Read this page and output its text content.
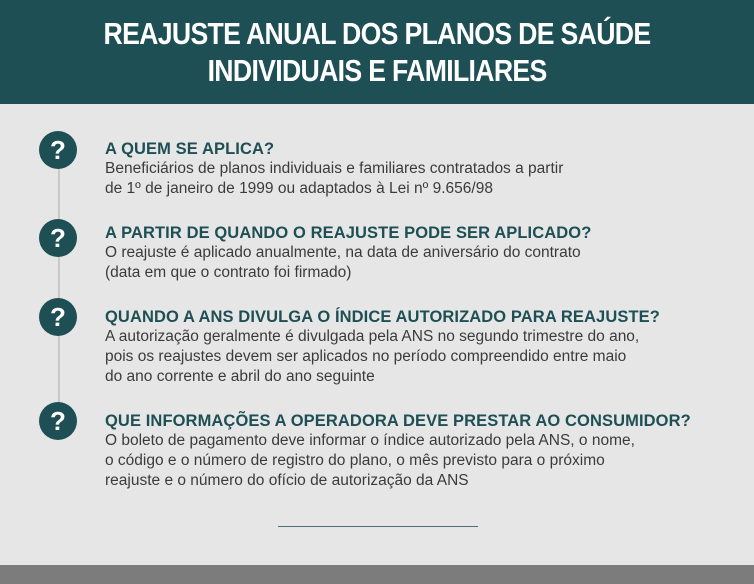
REAJUSTE ANUAL DOS PLANOS DE SAÚDE
INDIVIDUAIS E FAMILIARES
?	A QUEM SE APLICA?
Beneficiários de planos individuais e familiares contratados a partir
de 1º de janeiro de 1999 ou adaptados à Lei nº 9.656/98
?	A PARTIR DE QUANDO O REAJUSTE PODE SER APLICADO?
O reajuste é aplicado anualmente, na data de aniversário do contrato
(data em que o contrato foi firmado)
?	QUANDO A ANS DIVULGA O ÍNDICE AUTORIZADO PARA REAJUSTE?
A autorização geralmente é divulgada pela ANS no segundo trimestre do ano,
pois os reajustes devem ser aplicados no período compreendido entre maio
do ano corrente e abril do ano seguinte
?	QUE INFORMAÇÕES A OPERADORA DEVE PRESTAR AO CONSUMIDOR?
O boleto de pagamento deve informar o índice autorizado pela ANS, o nome,
o código e o número de registro do plano, o mês previsto para o próximo
reajuste e o número do ofício de autorização da ANS
